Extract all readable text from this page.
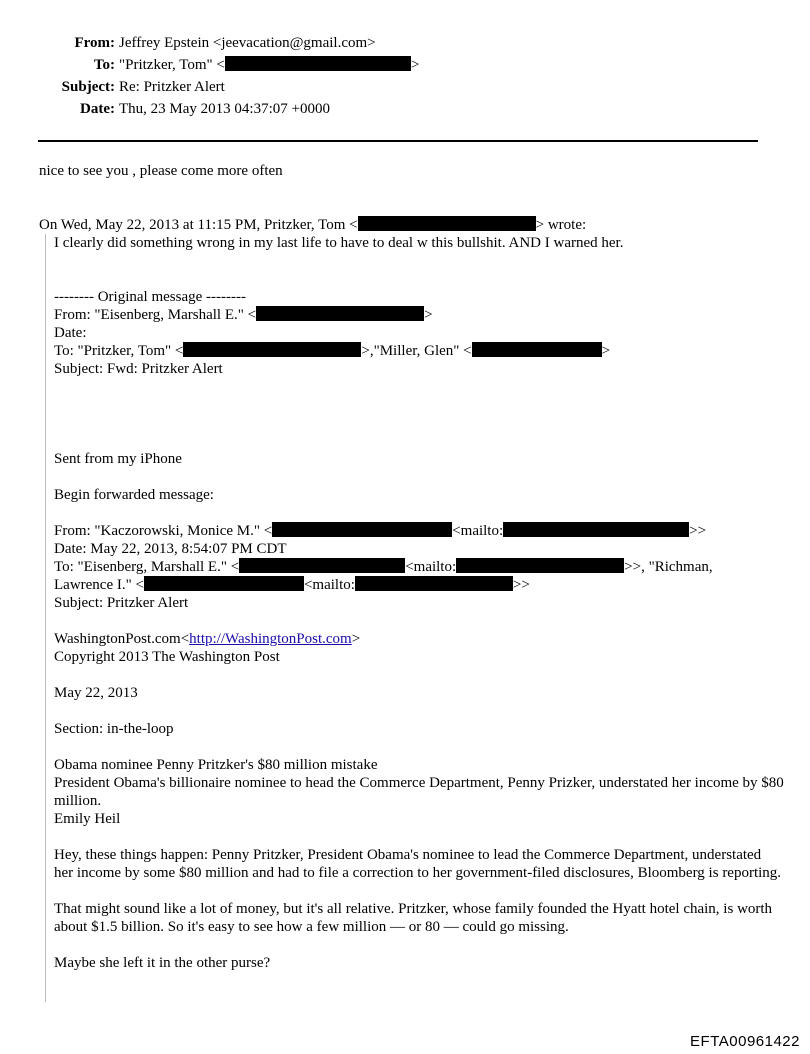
From: Jeffrey Epstein <jeevacation@gmail.com>
To: "Pritzker, Tom" <	>
Subject: Re: Pritzker Alert
Date: Thu, 23 May 2013 04:37:07 +0000
nice to see you , please come more often
On Wed, May 22, 2013 at 11:15 PM, Pritzker, Tom <	> wrote:
I clearly did something wrong in my last life to have to deal w this bullshit. AND I warned her.
-------- Original message --------
From: "Eisenberg, Marshall E." <	>
Date:
To: "Pritzker, Tom" <	>,"Miller, Glen" <	>
Subject: Fwd: Pritzker Alert
Sent from my iPhone
Begin forwarded message:
From: "Kaczorowski, Monice M." <	<mailto:	>>
Date: May 22, 2013, 8:54:07 PM CDT
To: "Eisenberg, Marshall E." <	<mailto:	>>, "Richman,
Lawrence I." <	<mailto:	>>
Subject: Pritzker Alert
WashingtonPost.com<http://WashingtonPost.com>
Copyright 2013 The Washington Post
May 22, 2013
Section: in-the-loop
Obama nominee Penny Pritzker's $80 million mistake
President Obama's billionaire nominee to head the Commerce Department, Penny Prizker, understated her income by $80 million.
Emily Heil
Hey, these things happen: Penny Pritzker, President Obama's nominee to lead the Commerce Department, understated her income by some $80 million and had to file a correction to her government-filed disclosures, Bloomberg is reporting.
That might sound like a lot of money, but it's all relative. Pritzker, whose family founded the Hyatt hotel chain, is worth about $1.5 billion. So it's easy to see how a few million — or 80 — could go missing.
Maybe she left it in the other purse?
EFTA00961422
